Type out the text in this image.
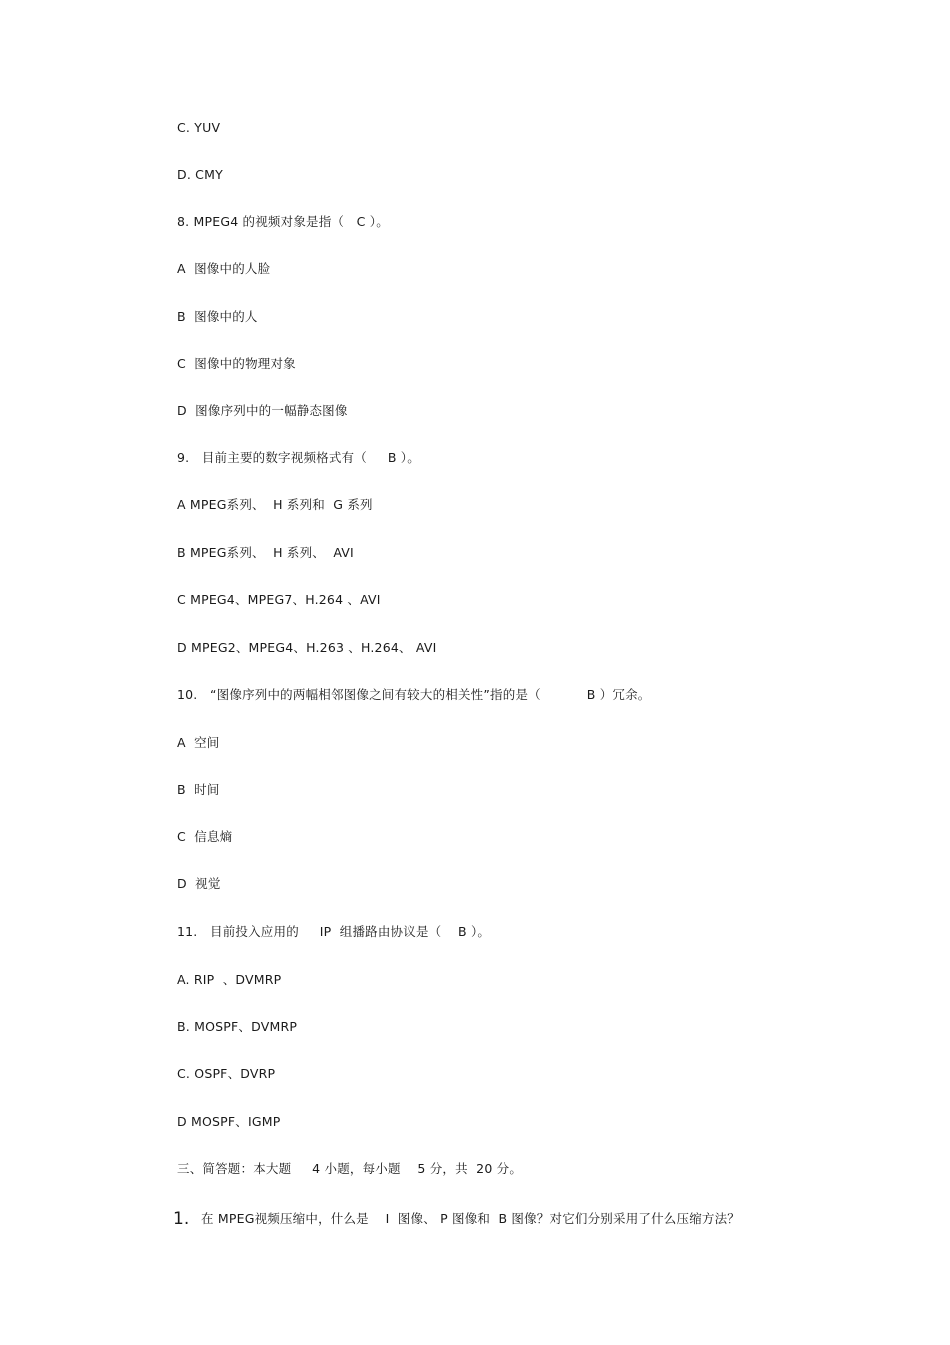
C. YUV
D. CMY
8. MPEG4 的视频对象是指（   C ）。
A  图像中的人脸
B  图像中的人
C  图像中的物理对象
D  图像序列中的一幅静态图像
9.   目前主要的数字视频格式有（     B ）。
A MPEG系列、  H 系列和  G 系列
B MPEG系列、  H 系列、  AVI
C MPEG4、MPEG7、H.264 、AVI
D MPEG2、MPEG4、H.263 、H.264、 AVI
10.   “图像序列中的两幅相邻图像之间有较大的相关性”指的是（           B ）冗余。
A  空间
B  时间
C  信息熵
D  视觉
11.   目前投入应用的     IP  组播路由协议是（    B ）。
A. RIP  、DVMRP
B. MOSPF、DVMRP
C. OSPF、DVRP
D MOSPF、IGMP
三、简答题：本大题     4 小题，每小题    5 分，共  20 分。
1. 在 MPEG视频压缩中，什么是    I  图像、 P 图像和  B 图像？对它们分别采用了什么压缩方法？
